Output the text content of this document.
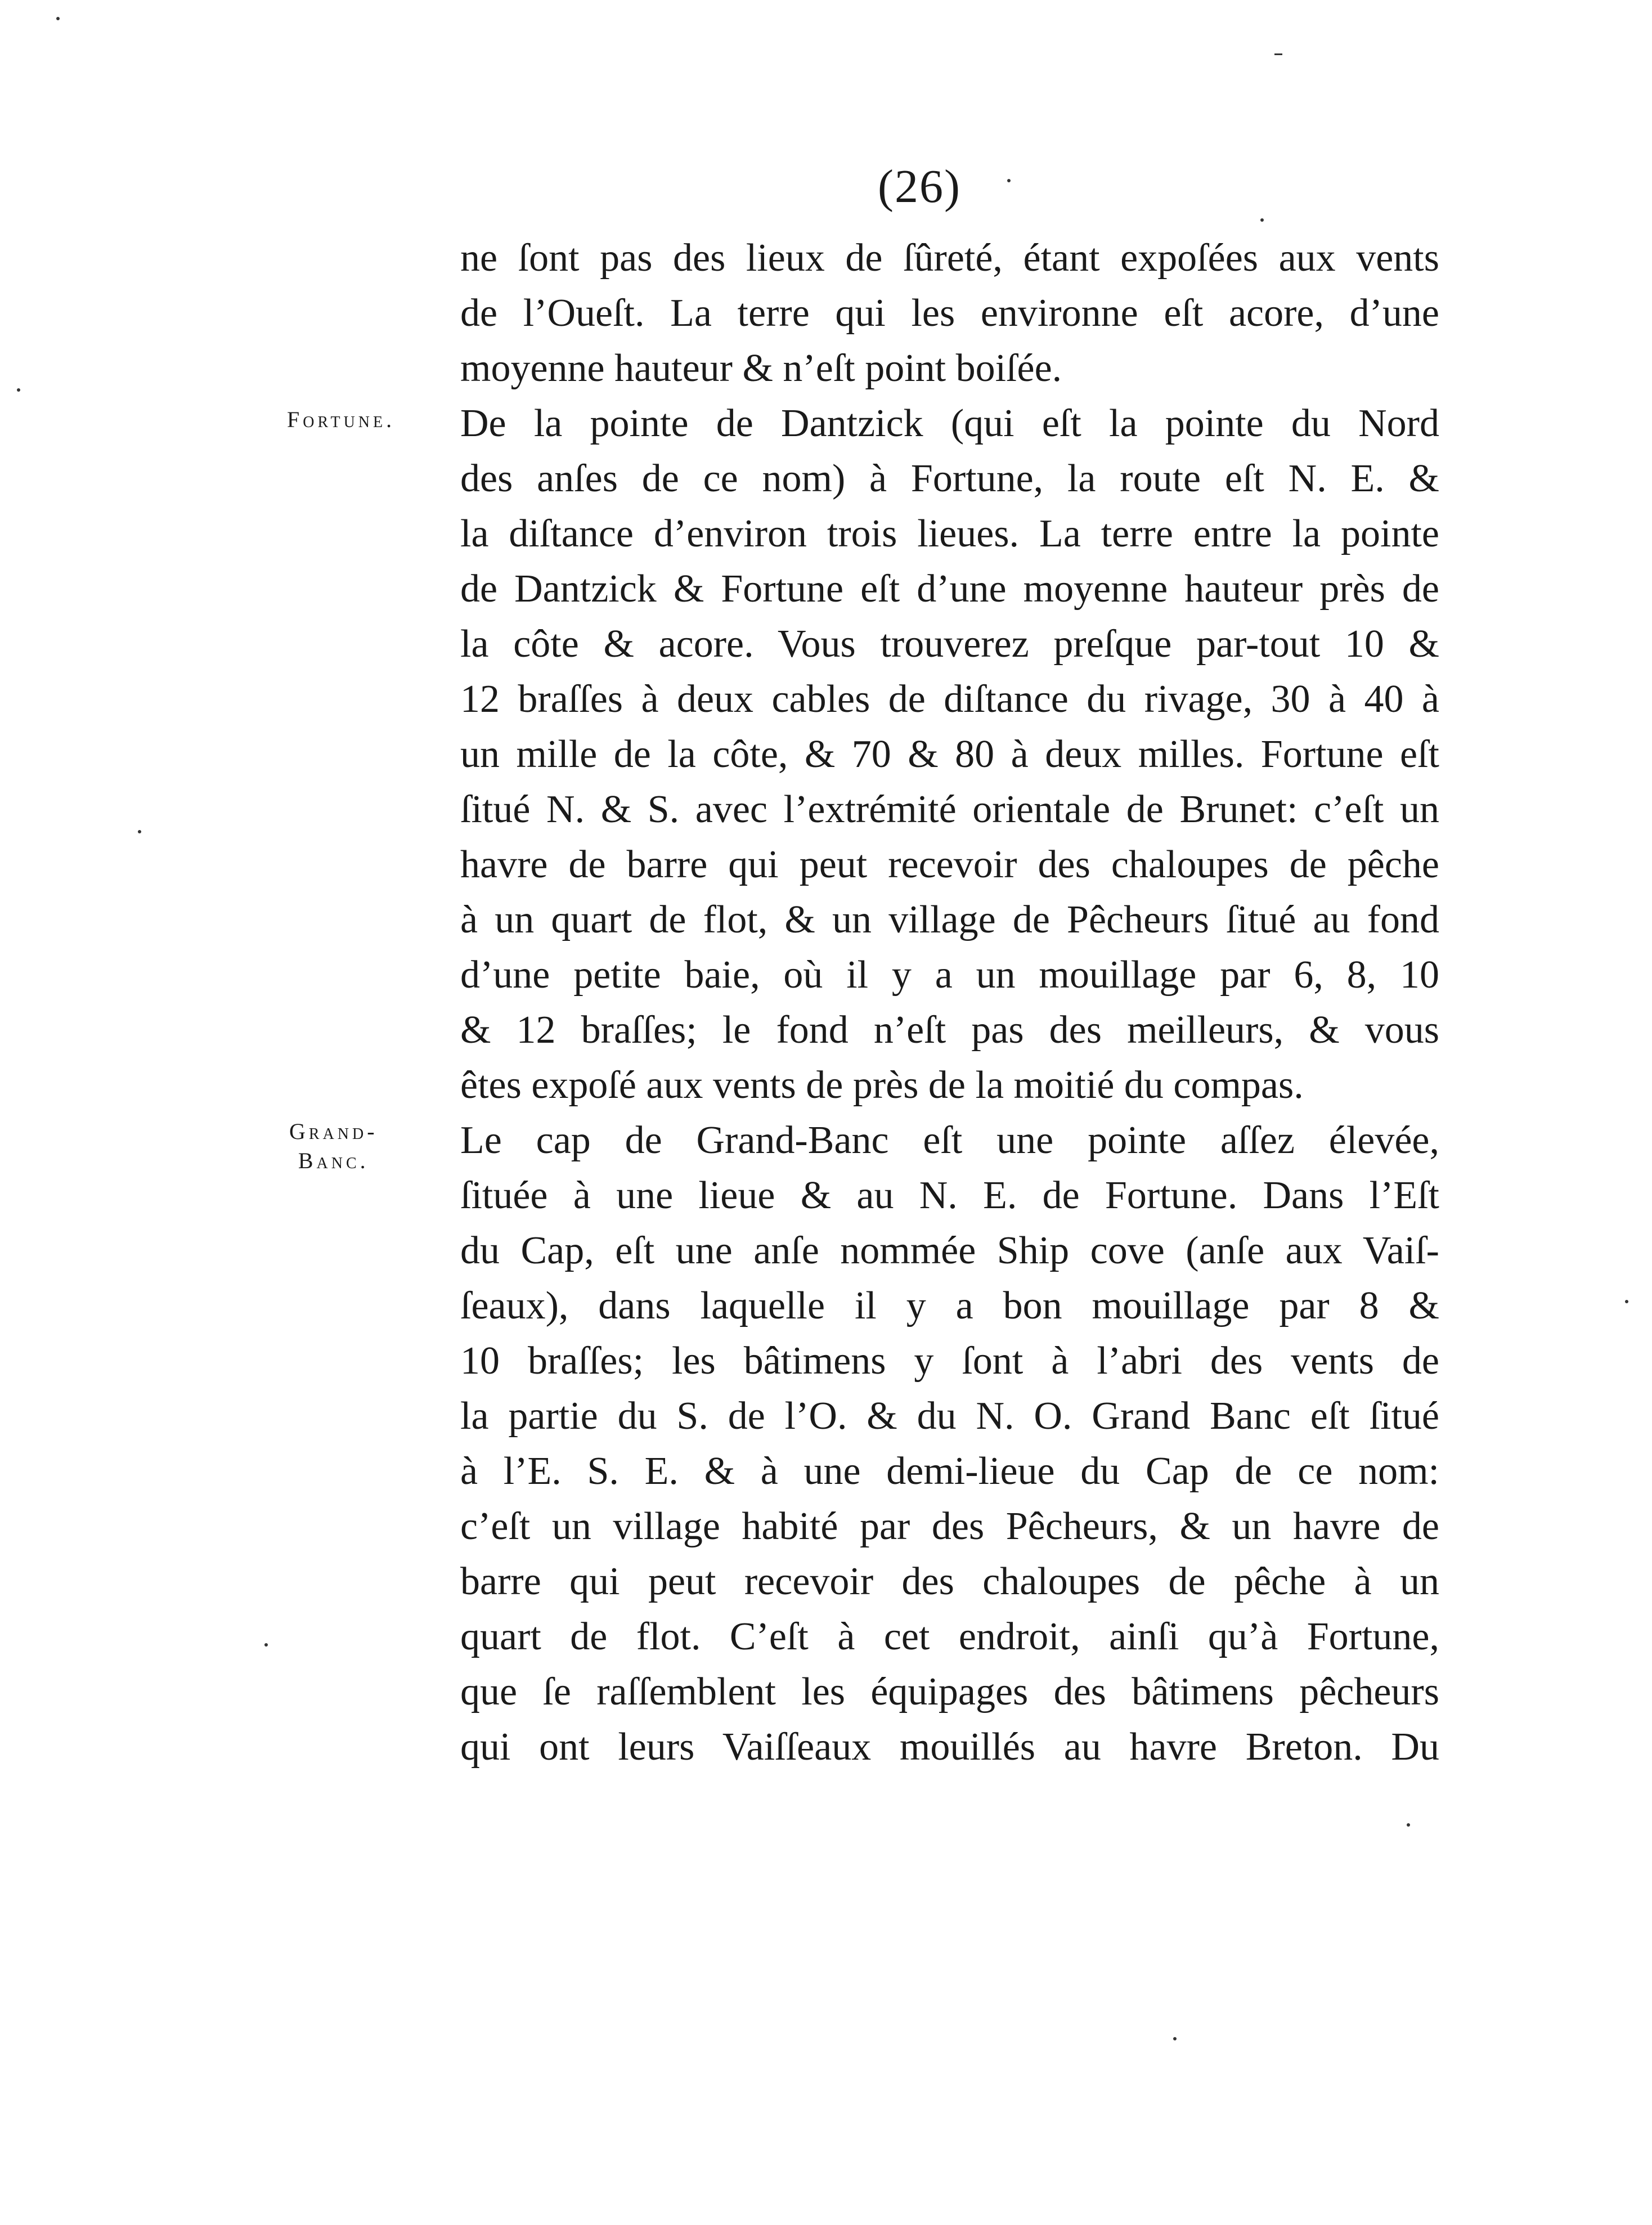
(26)
Fortune.
Grand-
Banc.
ne ſont pas des lieux de ſûreté, étant expoſées aux vents
de l’Oueſt. La terre qui les environne eſt acore, d’une
moyenne hauteur & n’eſt point boiſée.
De la pointe de Dantzick (qui eſt la pointe du Nord
des anſes de ce nom) à Fortune, la route eſt N. E. &
la diſtance d’environ trois lieues. La terre entre la pointe
de Dantzick & Fortune eſt d’une moyenne hauteur près de
la côte & acore. Vous trouverez preſque par-tout 10 &
12 braſſes à deux cables de diſtance du rivage, 30 à 40 à
un mille de la côte, & 70 & 80 à deux milles. Fortune eſt
ſitué N. & S. avec l’extrémité orientale de Brunet: c’eſt un
havre de barre qui peut recevoir des chaloupes de pêche
à un quart de flot, & un village de Pêcheurs ſitué au fond
d’une petite baie, où il y a un mouillage par 6, 8, 10
& 12 braſſes; le fond n’eſt pas des meilleurs, & vous
êtes expoſé aux vents de près de la moitié du compas.
Le cap de Grand-Banc eſt une pointe aſſez élevée,
ſituée à une lieue & au N. E. de Fortune. Dans l’Eſt
du Cap, eſt une anſe nommée Ship cove (anſe aux Vaiſ-
ſeaux), dans laquelle il y a bon mouillage par 8 &
10 braſſes; les bâtimens y ſont à l’abri des vents de
la partie du S. de l’O. & du N. O. Grand Banc eſt ſitué
à l’E. S. E. & à une demi-lieue du Cap de ce nom:
c’eſt un village habité par des Pêcheurs, & un havre de
barre qui peut recevoir des chaloupes de pêche à un
quart de flot. C’eſt à cet endroit, ainſi qu’à Fortune,
que ſe raſſemblent les équipages des bâtimens pêcheurs
qui ont leurs Vaiſſeaux mouillés au havre Breton. Du
